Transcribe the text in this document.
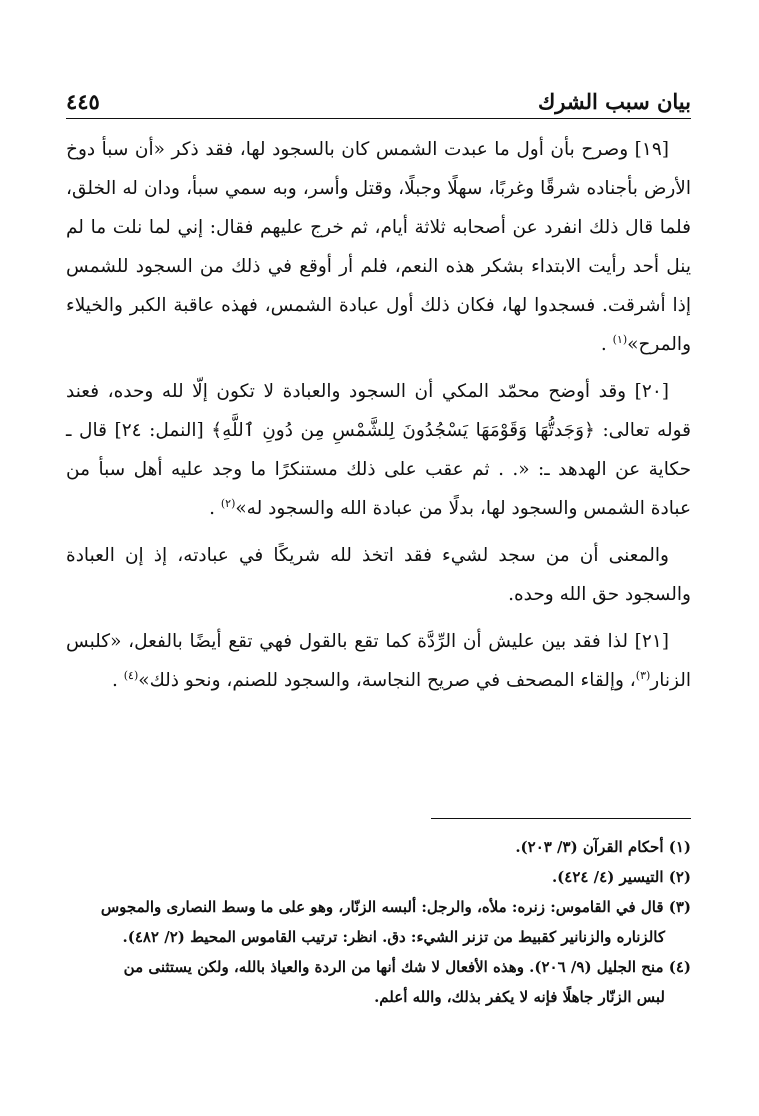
٤٤٥	بيان سبب الشرك

[١٩] وصرح بأن أول ما عبدت الشمس كان بالسجود لها، فقد ذكر «أن سبأ دوخ الأرض بأجناده شرقًا وغربًا، سهلًا وجبلًا، وقتل وأسر، وبه سمي سبأ، ودان له الخلق، فلما قال ذلك انفرد عن أصحابه ثلاثة أيام، ثم خرج عليهم فقال: إني لما نلت ما لم ينل أحد رأيت الابتداء بشكر هذه النعم، فلم أر أوقع في ذلك من السجود للشمس إذا أشرقت. فسجدوا لها، فكان ذلك أول عبادة الشمس، فهذه عاقبة الكبر والخيلاء والمرح»$^{(١)}$ .

[٢٠] وقد أوضح محمّد المكي أن السجود والعبادة لا تكون إلّا لله وحده، فعند قوله تعالى: ﴿وَجَدتُّهَا وَقَوْمَهَا يَسْجُدُونَ لِلشَّمْسِ مِن دُونِ ٱللَّهِ﴾ [النمل: ٢٤] قال ـ حكاية عن الهدهد ـ: «. . ثم عقب على ذلك مستنكرًا ما وجد عليه أهل سبأ من عبادة الشمس والسجود لها، بدلًا من عبادة الله والسجود له»$^{(٢)}$ .

والمعنى أن من سجد لشيء فقد اتخذ لله شريكًا في عبادته، إذ إن العبادة والسجود حق الله وحده.

[٢١] لذا فقد بين عليش أن الرِّدَّة كما تقع بالقول فهي تقع أيضًا بالفعل، «كلبس الزنار$^{(٣)}$، وإلقاء المصحف في صريح النجاسة، والسجود للصنم، ونحو ذلك»$^{(٤)}$ .

(١) أحكام القرآن (٣/ ٢٠٣).

(٢) التيسير (٤/ ٤٢٤).

(٣) قال في القاموس: زنره: ملأه، والرجل: ألبسه الزنّار، وهو على ما وسط النصارى والمجوس

كالزناره والزنانير كقبيط من تزنر الشيء: دق. انظر: ترتيب القاموس المحيط (٢/ ٤٨٢).

(٤) منح الجليل (٩/ ٢٠٦). وهذه الأفعال لا شك أنها من الردة والعياذ بالله، ولكن يستثنى من

لبس الزنّار جاهلًا فإنه لا يكفر بذلك، والله أعلم.
